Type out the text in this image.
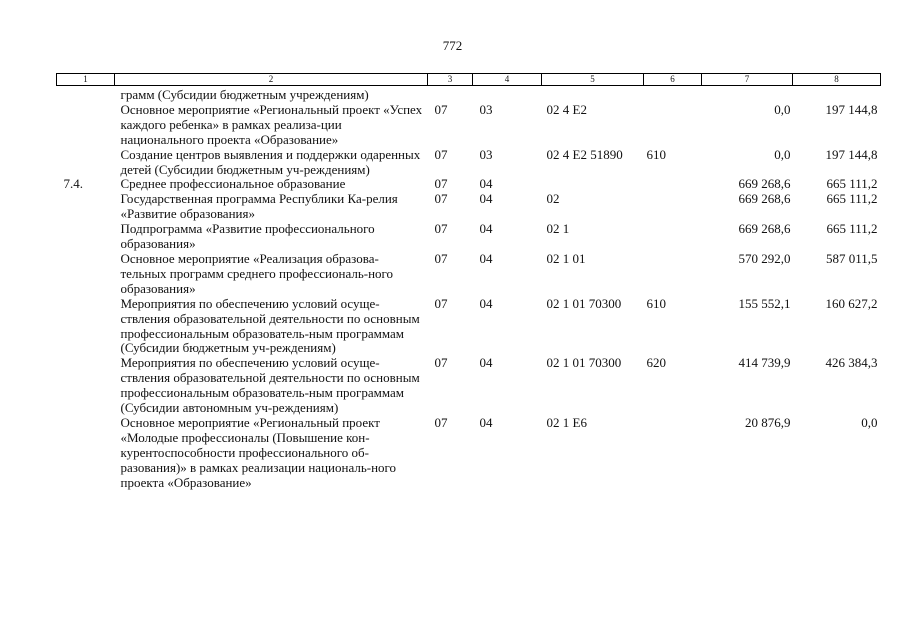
772
1	2	3	4	5	6	7	8
	грамм (Субсидии бюджетным учреждениям)						
	Основное мероприятие «Региональный проект «Успех каждого ребенка» в рамках реализа-ции национального проекта «Образование»	07	03	02 4 E2		0,0	197 144,8
	Создание центров выявления и поддержки одаренных детей (Субсидии бюджетным уч-реждениям)	07	03	02 4 E2 51890	610	0,0	197 144,8
7.4.	Среднее профессиональное образование	07	04			669 268,6	665 111,2
	Государственная программа Республики Ка-релия «Развитие образования»	07	04	02		669 268,6	665 111,2
	Подпрограмма «Развитие профессионального образования»	07	04	02 1		669 268,6	665 111,2
	Основное мероприятие «Реализация образова-тельных программ среднего профессиональ-ного образования»	07	04	02 1 01		570 292,0	587 011,5
	Мероприятия по обеспечению условий осуще-ствления образовательной деятельности по основным профессиональным образователь-ным программам (Субсидии бюджетным уч-реждениям)	07	04	02 1 01 70300	610	155 552,1	160 627,2
	Мероприятия по обеспечению условий осуще-ствления образовательной деятельности по основным профессиональным образователь-ным программам (Субсидии автономным уч-реждениям)	07	04	02 1 01 70300	620	414 739,9	426 384,3
	Основное мероприятие «Региональный проект «Молодые профессионалы (Повышение кон-курентоспособности профессионального об-разования)» в рамках реализации националь-ного проекта «Образование»	07	04	02 1 E6		20 876,9	0,0
